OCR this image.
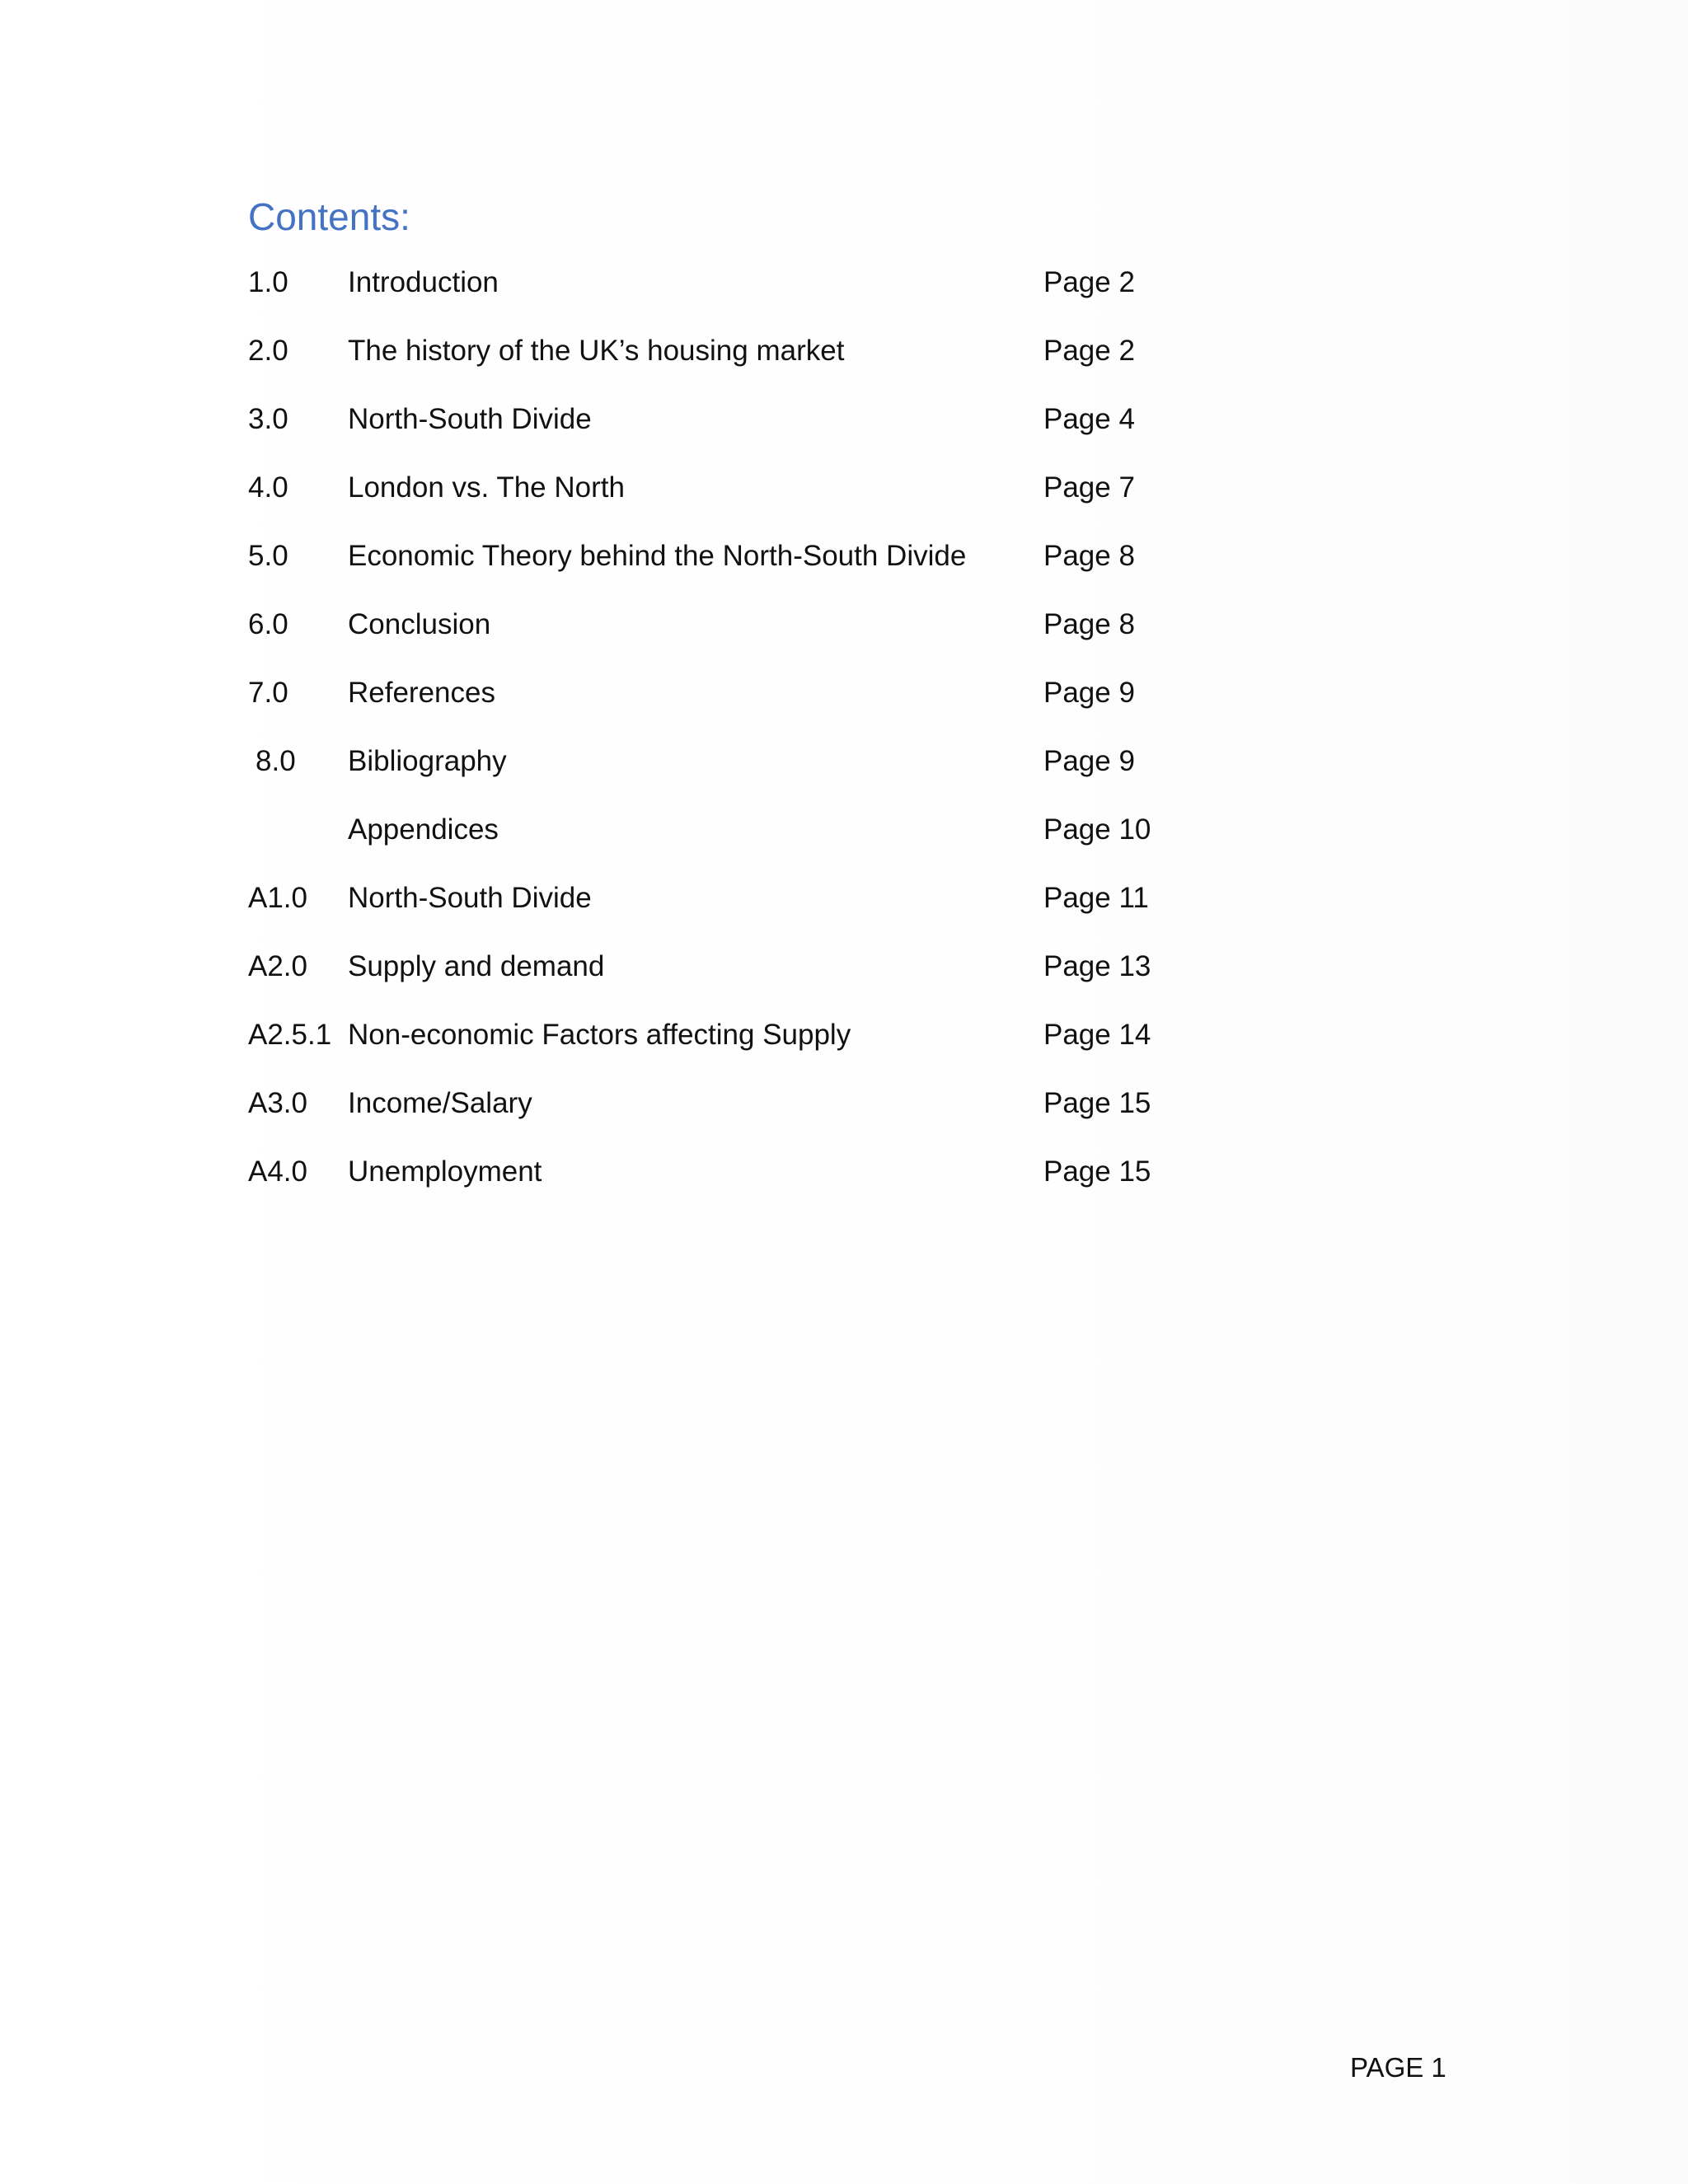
Contents:
1.0 Introduction	Page 2
2.0 The history of the UK’s housing market	Page 2
3.0 North-South Divide	Page 4
4.0 London vs. The North	Page 7
5.0 Economic Theory behind the North-South Divide	Page 8
6.0 Conclusion	Page 8
7.0 References	Page 9
8.0 Bibliography	Page 9
Appendices	Page 10
A1.0 North-South Divide	Page 11
A2.0 Supply and demand	Page 13
A2.5.1 Non-economic Factors affecting Supply	Page 14
A3.0 Income/Salary	Page 15
A4.0 Unemployment	Page 15
PAGE 1
